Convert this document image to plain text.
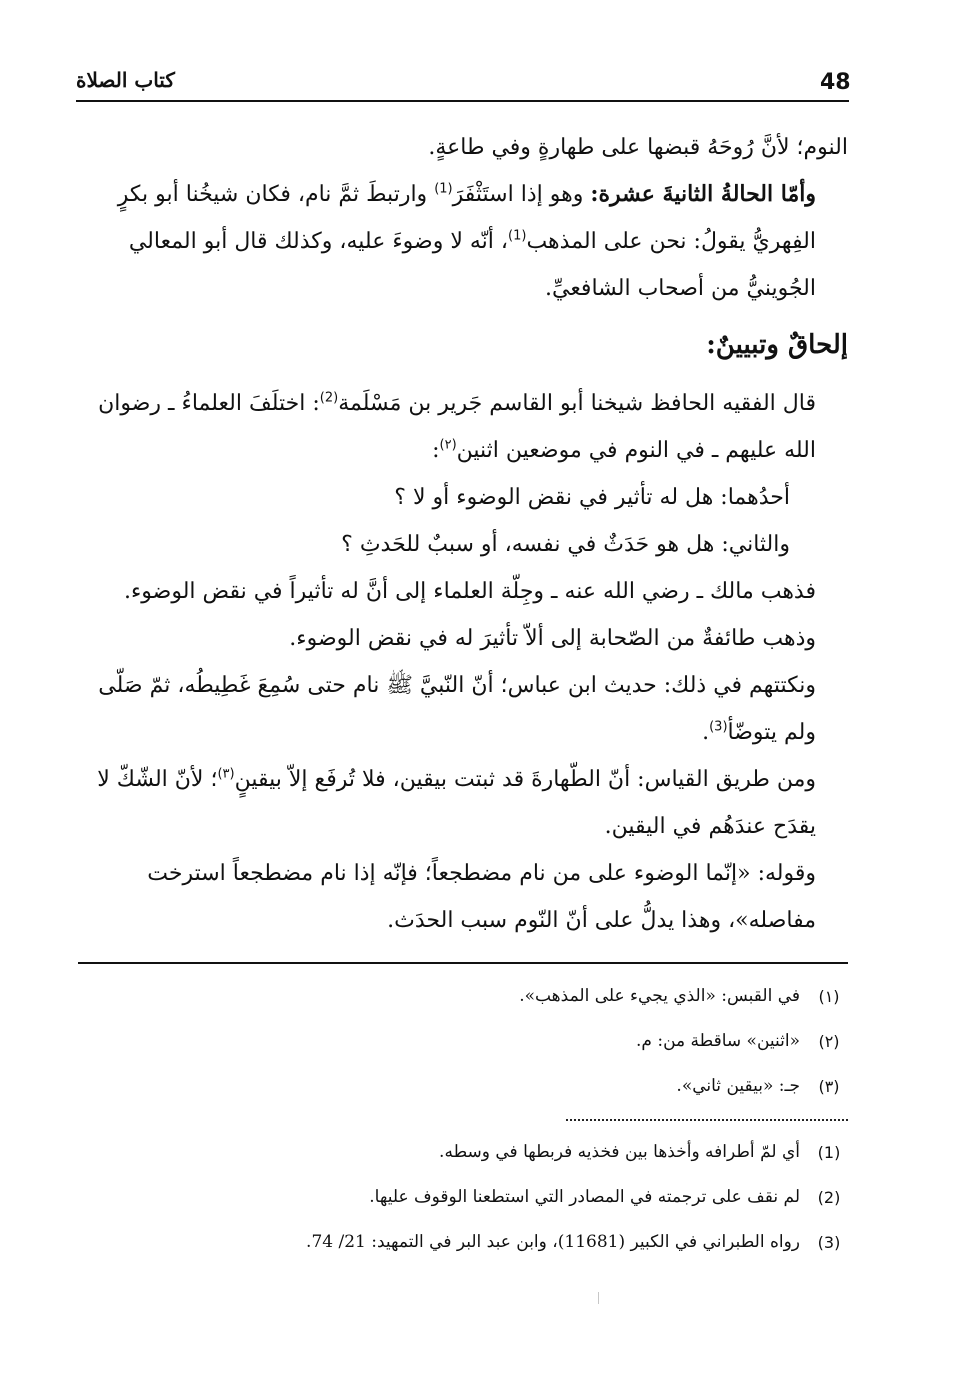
48
كتاب الصلاة

النوم؛ لأنَّ رُوحَهُ قبضها على طهارةٍ وفي طاعةٍ.

وأمّا الحالةُ الثانيةَ عشرة: وهو إذا استَثْفَرَ$^{(1)}$ وارتبطَ ثمَّ نام، فكان شيخُنا أبو بكرٍ الفِهريُّ يقولُ: نحن على المذهب$^{(1)}$، أنّه لا وضوءَ عليه، وكذلك قال أبو المعالي الجُوينيُّ من أصحاب الشافعيِّ.

إلحاقٌ وتبيينٌ:

قال الفقيه الحافظ شيخنا أبو القاسم جَرير بن مَسْلَمة$^{(2)}$: اختلَفَ العلماءُ ـ رضوان الله عليهم ـ في النوم في موضعين اثنين$^{(٢)}$:

أحدُهما: هل له تأثير في نقض الوضوء أو لا ؟

والثاني: هل هو حَدَثٌ في نفسه، أو سببٌ للحَدثِ ؟

فذهب مالك ـ رضي الله عنه ـ وجِلّة العلماء إلى أنَّ له تأثيراً في نقض الوضوء.

وذهب طائفةٌ من الصّحابة إلى ألاّ تأثيرَ له في نقض الوضوء.

ونكتتهم في ذلك: حديث ابن عباس؛ أنّ النّبيَّ ﷺ نام حتى سُمِعَ غَطِيطُه، ثمّ صَلّى ولم يتوضّأ$^{(3)}$.

ومن طريق القياس: أنّ الطّهارةَ قد ثبتت بيقين، فلا تُرفَع إلاّ بيقينٍ$^{(٣)}$؛ لأنّ الشّكّ لا يقدَح عندَهُم في اليقين.

وقوله: «إنّما الوضوء على من نام مضطجعاً؛ فإنّه إذا نام مضطجعاً استرخت مفاصله»، وهذا يدلُّ على أنّ النّوم سبب الحدَث.

(١)
في القبس: «الذي يجيء على المذهب».
(٢)
«اثنين» ساقطة من: م.
(٣)
جـ: «بيقين ثاني».
(1)
أي لمّ أطرافه وأخذها بين فخذيه فربطها في وسطه.
(2)
لم نقف على ترجمته في المصادر التي استطعنا الوقوف عليها.
(3)
رواه الطبراني في الكبير (11681)، وابن عبد البر في التمهيد: 21/ 74.
